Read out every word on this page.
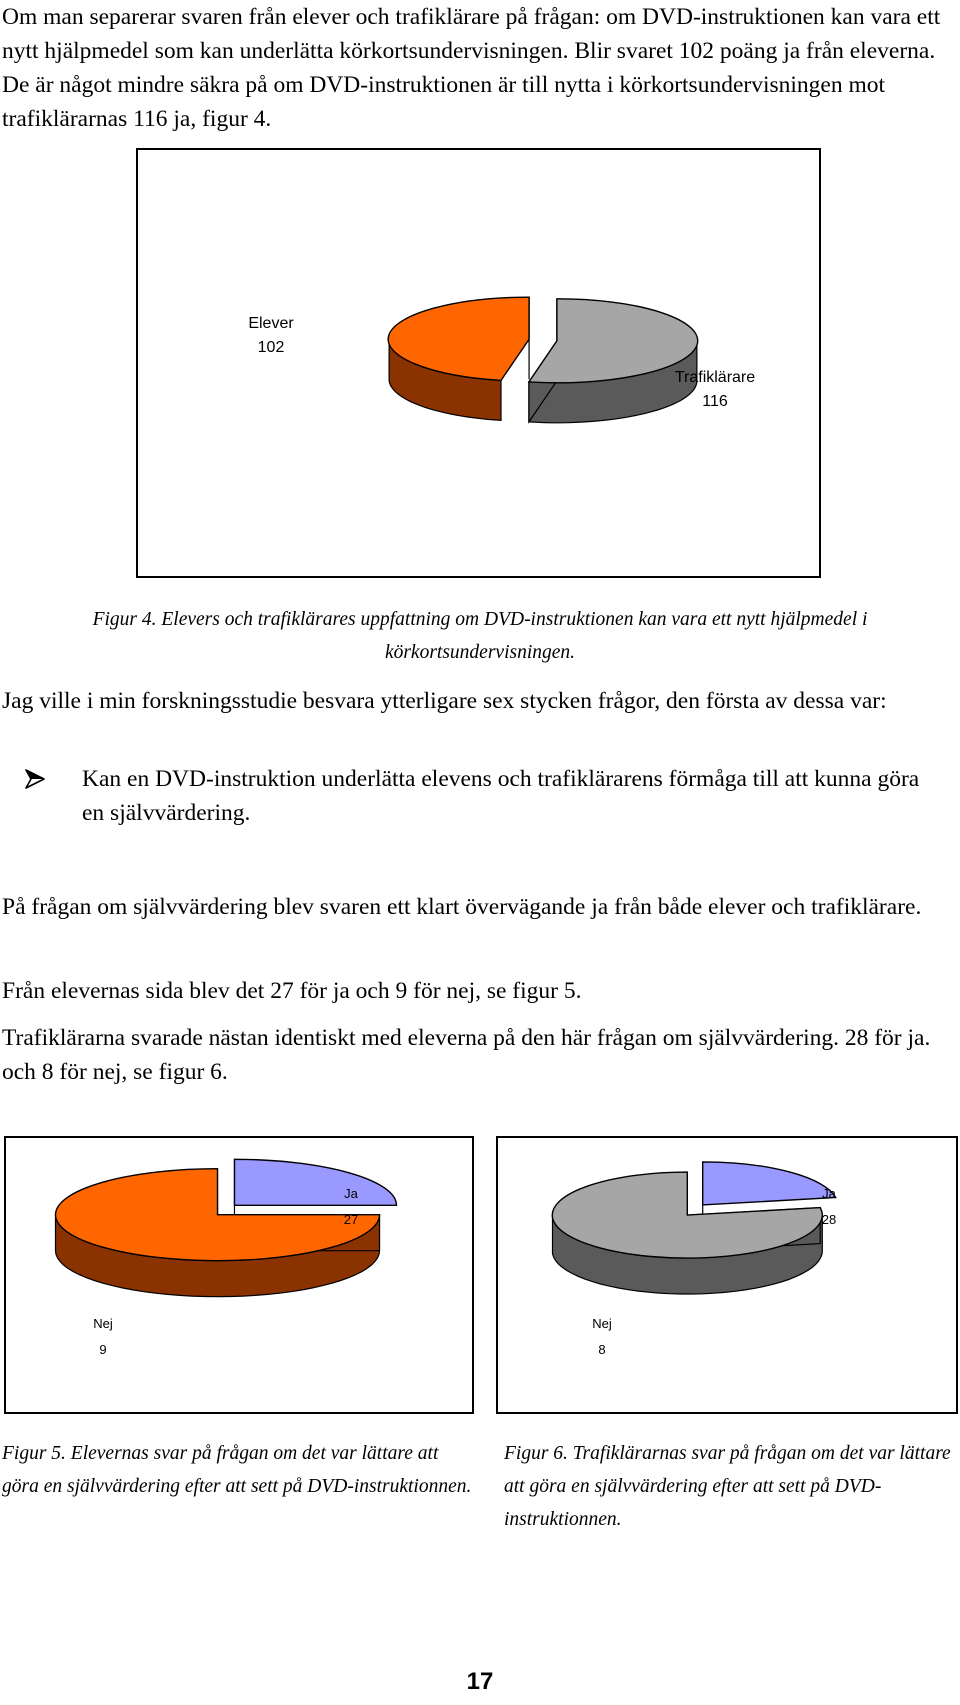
Om man separerar svaren från elever och trafiklärare på frågan: om DVD-instruktionen kan vara ett nytt hjälpmedel som kan underlätta körkortsundervisningen. Blir svaret 102 poäng ja från eleverna. De är något mindre säkra på om DVD-instruktionen är till nytta i körkortsundervisningen mot trafiklärarnas 116 ja, figur 4.

Elever
102
Trafiklärare
116

Figur 4. Elevers och trafiklärares uppfattning om DVD-instruktionen kan vara ett nytt hjälpmedel i körkortsundervisningen.

Jag ville i min forskningsstudie besvara ytterligare sex stycken frågor, den första av dessa var:

Kan en DVD-instruktion underlätta elevens och trafiklärarens förmåga till att kunna göra en självvärdering.

På frågan om självvärdering blev svaren ett klart övervägande ja från både elever och trafiklärare.

Från elevernas sida blev det 27 för ja och 9 för nej, se figur 5.

Trafiklärarna svarade nästan identiskt med eleverna på den här frågan om självvärdering. 28 för ja. och 8 för nej, se figur 6.

Ja
27
Nej
9
Ja
28
Nej
8

Figur 5. Elevernas svar på frågan om det var lättare att göra en självvärdering efter att sett på DVD-instruktionnen.

Figur 6. Trafiklärarnas svar på frågan om det var lättare att göra en självvärdering efter att sett på DVD-instruktionnen.

17
